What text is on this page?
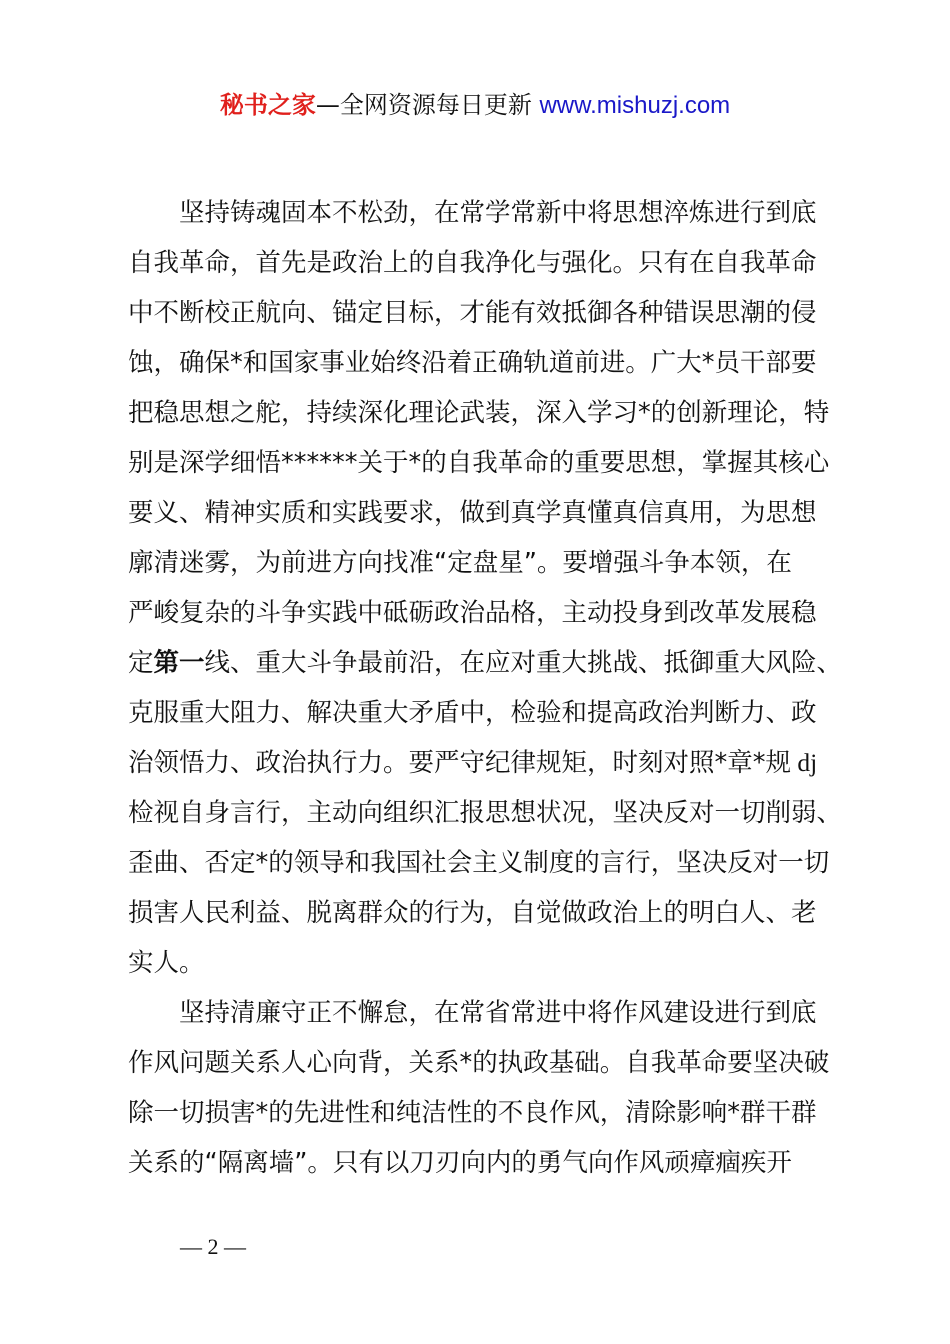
秘书之家—全网资源每日更新 www.mishuzj.com

坚持铸魂固本不松劲，在常学常新中将思想淬炼进行到底
自我革命，首先是政治上的自我净化与强化。只有在自我革命
中不断校正航向、锚定目标，才能有效抵御各种错误思潮的侵
蚀，确保*和国家事业始终沿着正确轨道前进。广大*员干部要
把稳思想之舵，持续深化理论武装，深入学习*的创新理论，特
别是深学细悟******关于*的自我革命的重要思想，掌握其核心
要义、精神实质和实践要求，做到真学真懂真信真用，为思想
廓清迷雾，为前进方向找准“定盘星”。要增强斗争本领，在
严峻复杂的斗争实践中砥砺政治品格，主动投身到改革发展稳
定第一线、重大斗争最前沿，在应对重大挑战、抵御重大风险、
克服重大阻力、解决重大矛盾中，检验和提高政治判断力、政
治领悟力、政治执行力。要严守纪律规矩，时刻对照*章*规 dj
检视自身言行，主动向组织汇报思想状况，坚决反对一切削弱、
歪曲、否定*的领导和我国社会主义制度的言行，坚决反对一切
损害人民利益、脱离群众的行为，自觉做政治上的明白人、老
实人。

坚持清廉守正不懈怠，在常省常进中将作风建设进行到底
作风问题关系人心向背，关系*的执政基础。自我革命要坚决破
除一切损害*的先进性和纯洁性的不良作风，清除影响*群干群
关系的“隔离墙”。只有以刀刃向内的勇气向作风顽瘴痼疾开

— 2 —
